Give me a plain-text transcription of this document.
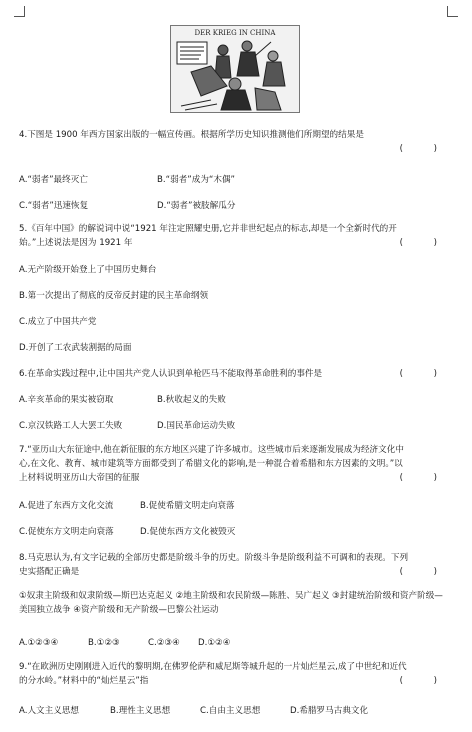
DER KRIEG IN CHINA
4.下图是 1900 年西方国家出版的一幅宣传画。根据所学历史知识推测他们所期望的结果是
( )
A.“弱者”最终灭亡	B.“弱者”成为“木偶”
C.“弱者”迅速恢复	D.“弱者”被肢解瓜分
5.《百年中国》的解说词中说“1921 年注定照耀史册,它并非世纪起点的标志,却是一个全新时代的开始。”上述说法是因为 1921 年	( )
A.无产阶级开始登上了中国历史舞台
B.第一次提出了彻底的反帝反封建的民主革命纲领
C.成立了中国共产党
D.开创了工农武装割据的局面
6.在革命实践过程中,让中国共产党人认识到单枪匹马不能取得革命胜利的事件是	( )
A.辛亥革命的果实被窃取	B.秋收起义的失败
C.京汉铁路工人大罢工失败	D.国民革命运动失败
7.“亚历山大东征途中,他在新征服的东方地区兴建了许多城市。这些城市后来逐渐发展成为经济文化中心,在文化、教育、城市建筑等方面都受到了希腊文化的影响,是一种混合着希腊和东方因素的文明。”以上材料说明亚历山大帝国的征服	( )
A.促进了东西方文化交流	B.促使希腊文明走向衰落
C.促使东方文明走向衰落	D.促使东西方文化被毁灭
8.马克思认为,有文字记载的全部历史都是阶级斗争的历史。阶级斗争是阶级利益不可调和的表现。下列史实搭配正确是	( )
①奴隶主阶级和奴隶阶级—斯巴达克起义 ②地主阶级和农民阶级—陈胜、吴广起义 ③封建统治阶级和资产阶级—美国独立战争 ④资产阶级和无产阶级—巴黎公社运动
A.①②③④	B.①②③	C.②③④ D.①②④
9.“在欧洲历史刚刚进入近代的黎明期,在佛罗伦萨和威尼斯等城升起的一片灿烂星云,成了中世纪和近代的分水岭。”材料中的“灿烂星云”指	( )
A.人文主义思想	B.理性主义思想	C.自由主义思想	D.希腊罗马古典文化
